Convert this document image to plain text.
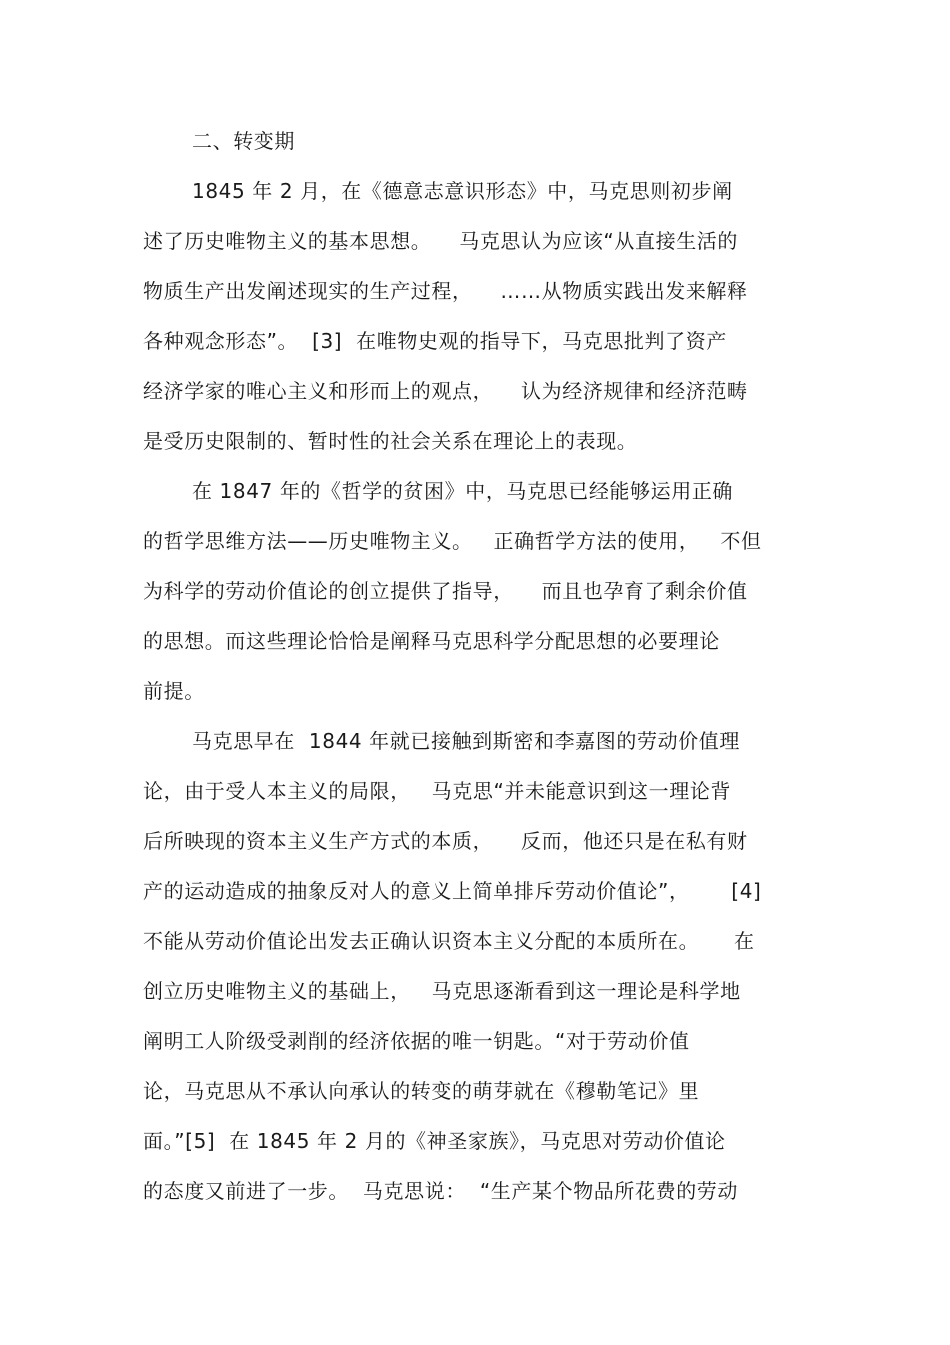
二、转变期
1845 年 2 月，在《德意志意识形态》中，马克思则初步阐
述了历史唯物主义的基本思想。    马克思认为应该“从直接生活的
物质生产出发阐述现实的生产过程，    ……从物质实践出发来解释
各种观念形态”。  [3]  在唯物史观的指导下，马克思批判了资产
经济学家的唯心主义和形而上的观点，    认为经济规律和经济范畴
是受历史限制的、暂时性的社会关系在理论上的表现。
在 1847 年的《哲学的贫困》中，马克思已经能够运用正确
的哲学思维方法——历史唯物主义。   正确哲学方法的使用，   不但
为科学的劳动价值论的创立提供了指导，    而且也孕育了剩余价值
的思想。而这些理论恰恰是阐释马克思科学分配思想的必要理论
前提。
马克思早在  1844 年就已接触到斯密和李嘉图的劳动价值理
论，由于受人本主义的局限，   马克思“并未能意识到这一理论背
后所映现的资本主义生产方式的本质，    反而，他还只是在私有财
产的运动造成的抽象反对人的意义上简单排斥劳动价值论”，      [4]
不能从劳动价值论出发去正确认识资本主义分配的本质所在。     在
创立历史唯物主义的基础上，   马克思逐渐看到这一理论是科学地
阐明工人阶级受剥削的经济依据的唯一钥匙。“对于劳动价值
论，马克思从不承认向承认的转变的萌芽就在《穆勒笔记》里
面。”[5]  在 1845 年 2 月的《神圣家族》，马克思对劳动价值论
的态度又前进了一步。  马克思说：  “生产某个物品所花费的劳动
